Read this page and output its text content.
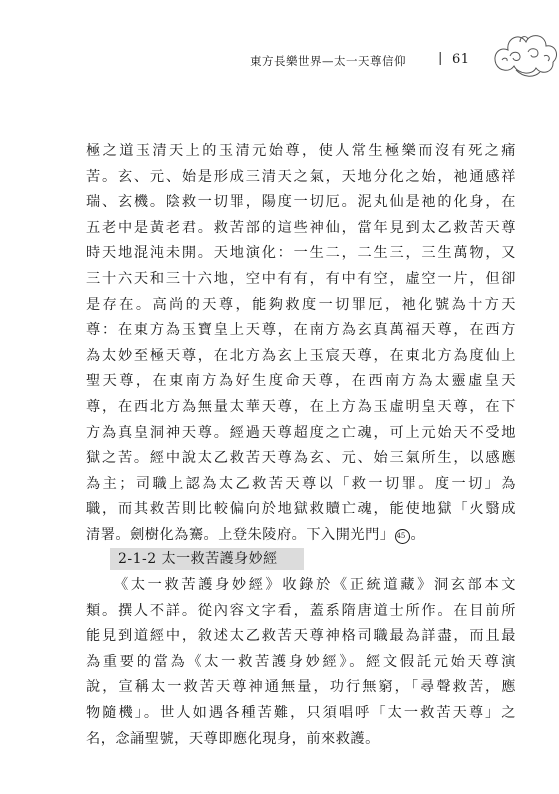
東方長樂世界—太一天尊信仰 | 61
極之道玉清天上的玉清元始尊，使人常生極樂而沒有死之痛
苦。玄、元、始是形成三清天之氣，天地分化之始，祂通感祥
瑞、玄機。陰救一切罪，陽度一切厄。泥丸仙是祂的化身，在
五老中是黃老君。救苦部的這些神仙，當年見到太乙救苦天尊
時天地混沌未開。天地演化：一生二，二生三，三生萬物，又
三十六天和三十六地，空中有有，有中有空，虛空一片，但卻
是存在。高尚的天尊，能夠救度一切罪厄，祂化號為十方天
尊：在東方為玉寶皇上天尊，在南方為玄真萬福天尊，在西方
為太妙至極天尊，在北方為玄上玉宸天尊，在東北方為度仙上
聖天尊，在東南方為好生度命天尊，在西南方為太靈虛皇天
尊，在西北方為無量太華天尊，在上方為玉虛明皇天尊，在下
方為真皇洞神天尊。經過天尊超度之亡魂，可上元始天不受地
獄之苦。經中說太乙救苦天尊為玄、元、始三氣所生，以感應
為主；司職上認為太乙救苦天尊以「救一切罪。度一切」為
職，而其救苦則比較偏向於地獄救贖亡魂，能使地獄「火翳成
清署。劍樹化為騫。上登朱陵府。下入開光門」 45 。
2-1-2 太一救苦護身妙經
《太一救苦護身妙經》收錄於《正統道藏》洞玄部本文
類。撰人不詳。從內容文字看，蓋系隋唐道士所作。在目前所
能見到道經中，敘述太乙救苦天尊神格司職最為詳盡，而且最
為重要的當為《太一救苦護身妙經》。經文假託元始天尊演
說，宣稱太一救苦天尊神通無量，功行無窮，「尋聲救苦，應
物隨機」。世人如遇各種苦難，只須唱呼「太一救苦天尊」之
名，念誦聖號，天尊即應化現身，前來救護。
